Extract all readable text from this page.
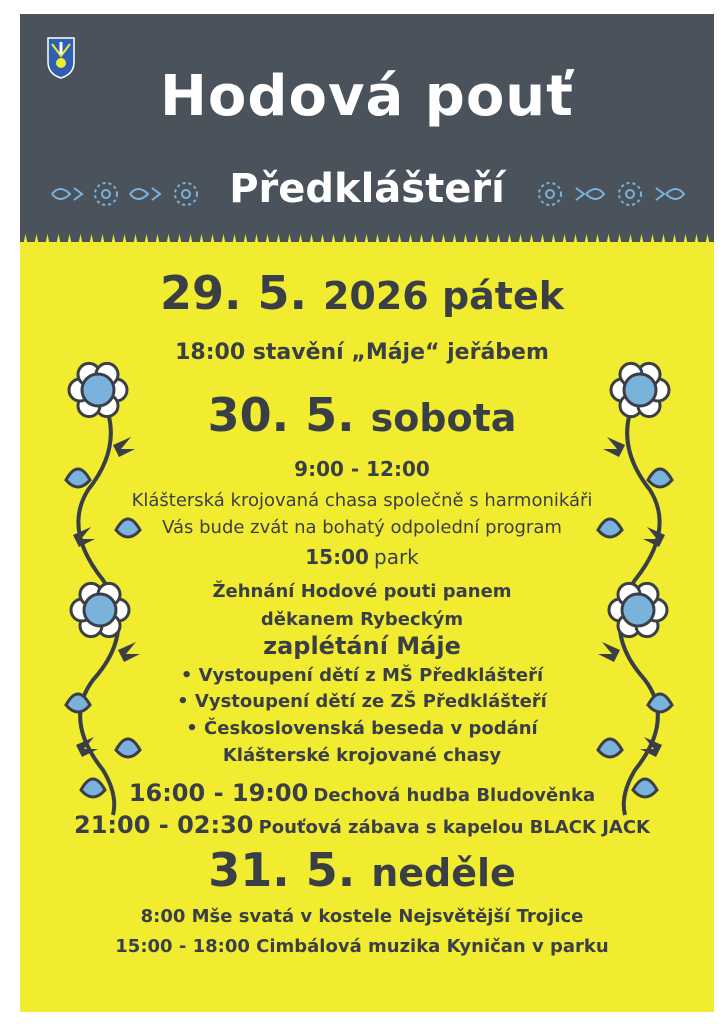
Hodová pouť
Předklášteří
29. 5. 2026 pátek
18:00 stavění „Máje“ jeřábem
30. 5. sobota
9:00 - 12:00
Klášterská krojovaná chasa společně s harmonikáři
Vás bude zvát na bohatý odpolední program
15:00 park
Žehnání Hodové pouti panem
děkanem Rybeckým
zaplétání Máje
• Vystoupení dětí z MŠ Předklášteří
• Vystoupení dětí ze ZŠ Předklášteří
• Československá beseda v podání
Klášterské krojované chasy
16:00 - 19:00 Dechová hudba Bludověnka
21:00 - 02:30 Pouťová zábava s kapelou BLACK JACK
31. 5. neděle
8:00 Mše svatá v kostele Nejsvětější Trojice
15:00 - 18:00 Cimbálová muzika Kyničan v parku
